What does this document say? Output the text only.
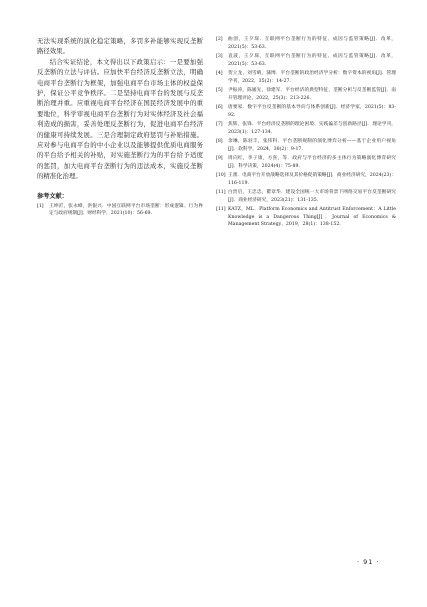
无法实现系统的演化稳定策略，多罚多补能够实现反垄断路径效果。

结合实证结论，本文得出以下政策启示：一是要加强反垄断的立法与评估。应加快平台经济反垄断立法，明确电商平台垄断行为框架，加强电商平台市场主体的权益保护，保证公平竞争秩序。二是坚持电商平台的发展与反垄断治理并重。应重视电商平台经济在国民经济发展中的重要地位，科学审视电商平台垄断行为对实体经济及社会福利造成的损害，妥善处理反垄断行为，促进电商平台经济的健康可持续发展。三是合理制定政府惩罚与补贴措施。应对参与电商平台的中小企业以及能够提供优质电商服务的平台给予相关的补贴，对实施垄断行为的平台给予适度的惩罚，加大电商平台垄断行为的违法成本，实施反垄断的精准化治理。

参考文献：
[1]	王坤沂，张永峰，洪银兴．中国互联网平台市场垄断：形成逻辑、行为界定与政府规制[J]．财经科学，2021(10)：56-69.
[2]	曲创，王夕琛．互联网平台垄断行为的特征、成因与监管策略[J]．改革，2021(5)：53-63.
[3]	袁波，王夕琛，互联网平台垄断行为的特征、成因与监管策略[J]．改革，2021(5)：53-63.
[4]	贺立龙，刘雪晴，蒲博．平台垄断的政治经济学分析：数字资本的视角[J]．管理学刊，2022，35(2)：14-27.
[5]	尹振涛，陈媛先，徐建军．平台经济的典型特征、垄断分析与反垄断监管[J]．南开管理评论，2022，25(3)：213-226.
[6]	唐要家．数字平台反垄断的基本导向与体系创新[J]．经济学家，2021(5)：83-92.
[7]	焦辉，张锋．平台经济反垄断的理论困境、实践偏差与创新路径[J]．理论学刊，2023(1)：127-134.
[8]	余琳，陈羽丰，张伟科．平台垄断规制的演化博弈分析——基于企业用户视角[J]．软科学，2024，38(2)：9-17.
[9]	周向红，李子康，方喜，等．政府与平台经济的多主体行为策略演化博弈研究[J]．科学决策，2024(4)：75-89.
[10] 王蕾．电商平台开放战略选择及其价格促销策略[J]．商业经济研究，2024(23)：116-119.
[11] 白贵启，王忠忠，瞿章华．建设全国统一大市场背景下网络交易平台反垄断研究[J]．商业经济研究，2023(21)：131-135.
[11] KATZ，ML．Platform Economics and Antitrust Enforcement：A Little Knowledge is a Dangerous Thing[J]．Journal of Economics & Management Strategy，2019，28(1)：138-152.
· 91 ·
